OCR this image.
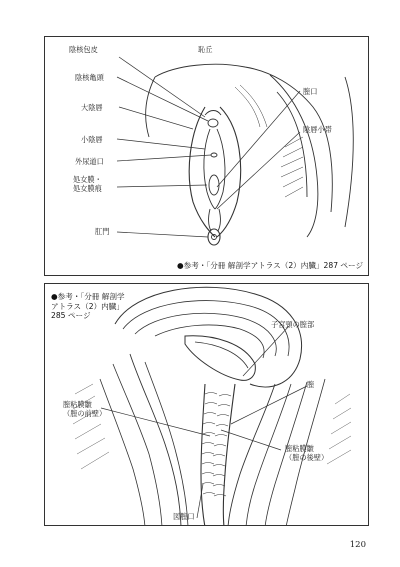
陰核包皮	恥丘
陰核亀頭
大陰唇
膣口
小陰唇
陰唇小帯
外尿道口
処女膜・
処女膜痕
肛門
●参考・「分冊 解剖学アトラス（2）内臓」287 ページ
●参考・「分冊 解剖学
アトラス（2）内臓」
285 ページ
子宮頸の膣部
膣
膣粘膜皺
（膣の前壁）
膣粘膜皺
（膣の後壁）
図膣口
120
